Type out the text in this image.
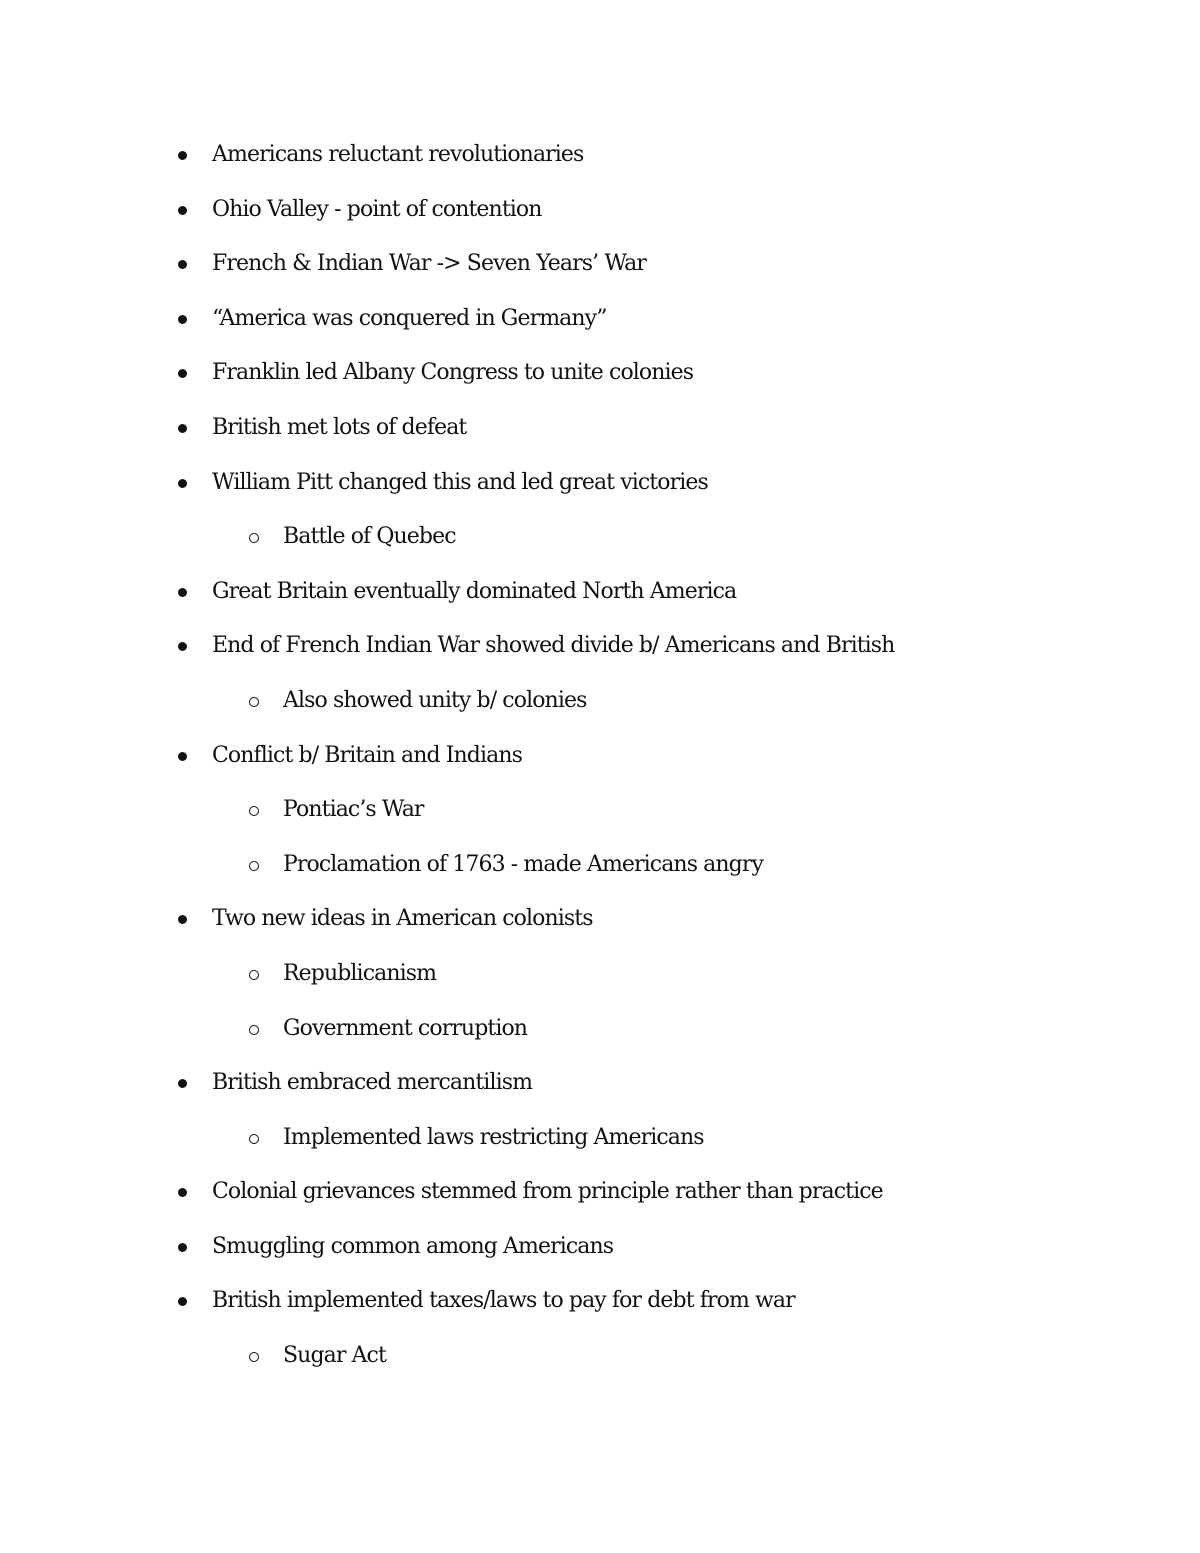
Americans reluctant revolutionaries
Ohio Valley - point of contention
French & Indian War -> Seven Years’ War
“America was conquered in Germany”
Franklin led Albany Congress to unite colonies
British met lots of defeat
William Pitt changed this and led great victories
Battle of Quebec
Great Britain eventually dominated North America
End of French Indian War showed divide b/ Americans and British
Also showed unity b/ colonies
Conflict b/ Britain and Indians
Pontiac’s War
Proclamation of 1763 - made Americans angry
Two new ideas in American colonists
Republicanism
Government corruption
British embraced mercantilism
Implemented laws restricting Americans
Colonial grievances stemmed from principle rather than practice
Smuggling common among Americans
British implemented taxes/laws to pay for debt from war
Sugar Act
